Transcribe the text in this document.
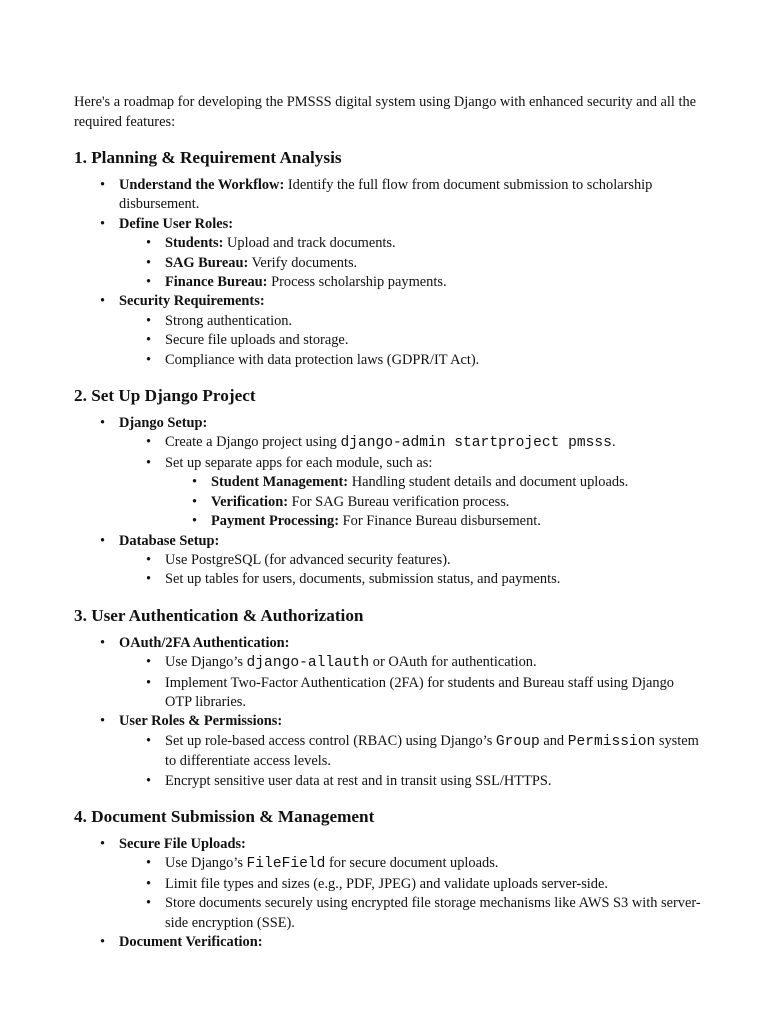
Here's a roadmap for developing the PMSSS digital system using Django with enhanced security and all the required features:

1. Planning & Requirement Analysis
• Understand the Workflow: Identify the full flow from document submission to scholarship disbursement.
• Define User Roles:
• Students: Upload and track documents.
• SAG Bureau: Verify documents.
• Finance Bureau: Process scholarship payments.
• Security Requirements:
• Strong authentication.
• Secure file uploads and storage.
• Compliance with data protection laws (GDPR/IT Act).
2. Set Up Django Project
• Django Setup:
• Create a Django project using django-admin startproject pmsss.
• Set up separate apps for each module, such as:
• Student Management: Handling student details and document uploads.
• Verification: For SAG Bureau verification process.
• Payment Processing: For Finance Bureau disbursement.
• Database Setup:
• Use PostgreSQL (for advanced security features).
• Set up tables for users, documents, submission status, and payments.
3. User Authentication & Authorization
• OAuth/2FA Authentication:
• Use Django’s django-allauth or OAuth for authentication.
• Implement Two-Factor Authentication (2FA) for students and Bureau staff using Django OTP libraries.
• User Roles & Permissions:
• Set up role-based access control (RBAC) using Django’s Group and Permission system to differentiate access levels.
• Encrypt sensitive user data at rest and in transit using SSL/HTTPS.
4. Document Submission & Management
• Secure File Uploads:
• Use Django’s FileField for secure document uploads.
• Limit file types and sizes (e.g., PDF, JPEG) and validate uploads server-side.
• Store documents securely using encrypted file storage mechanisms like AWS S3 with server-side encryption (SSE).
• Document Verification:
